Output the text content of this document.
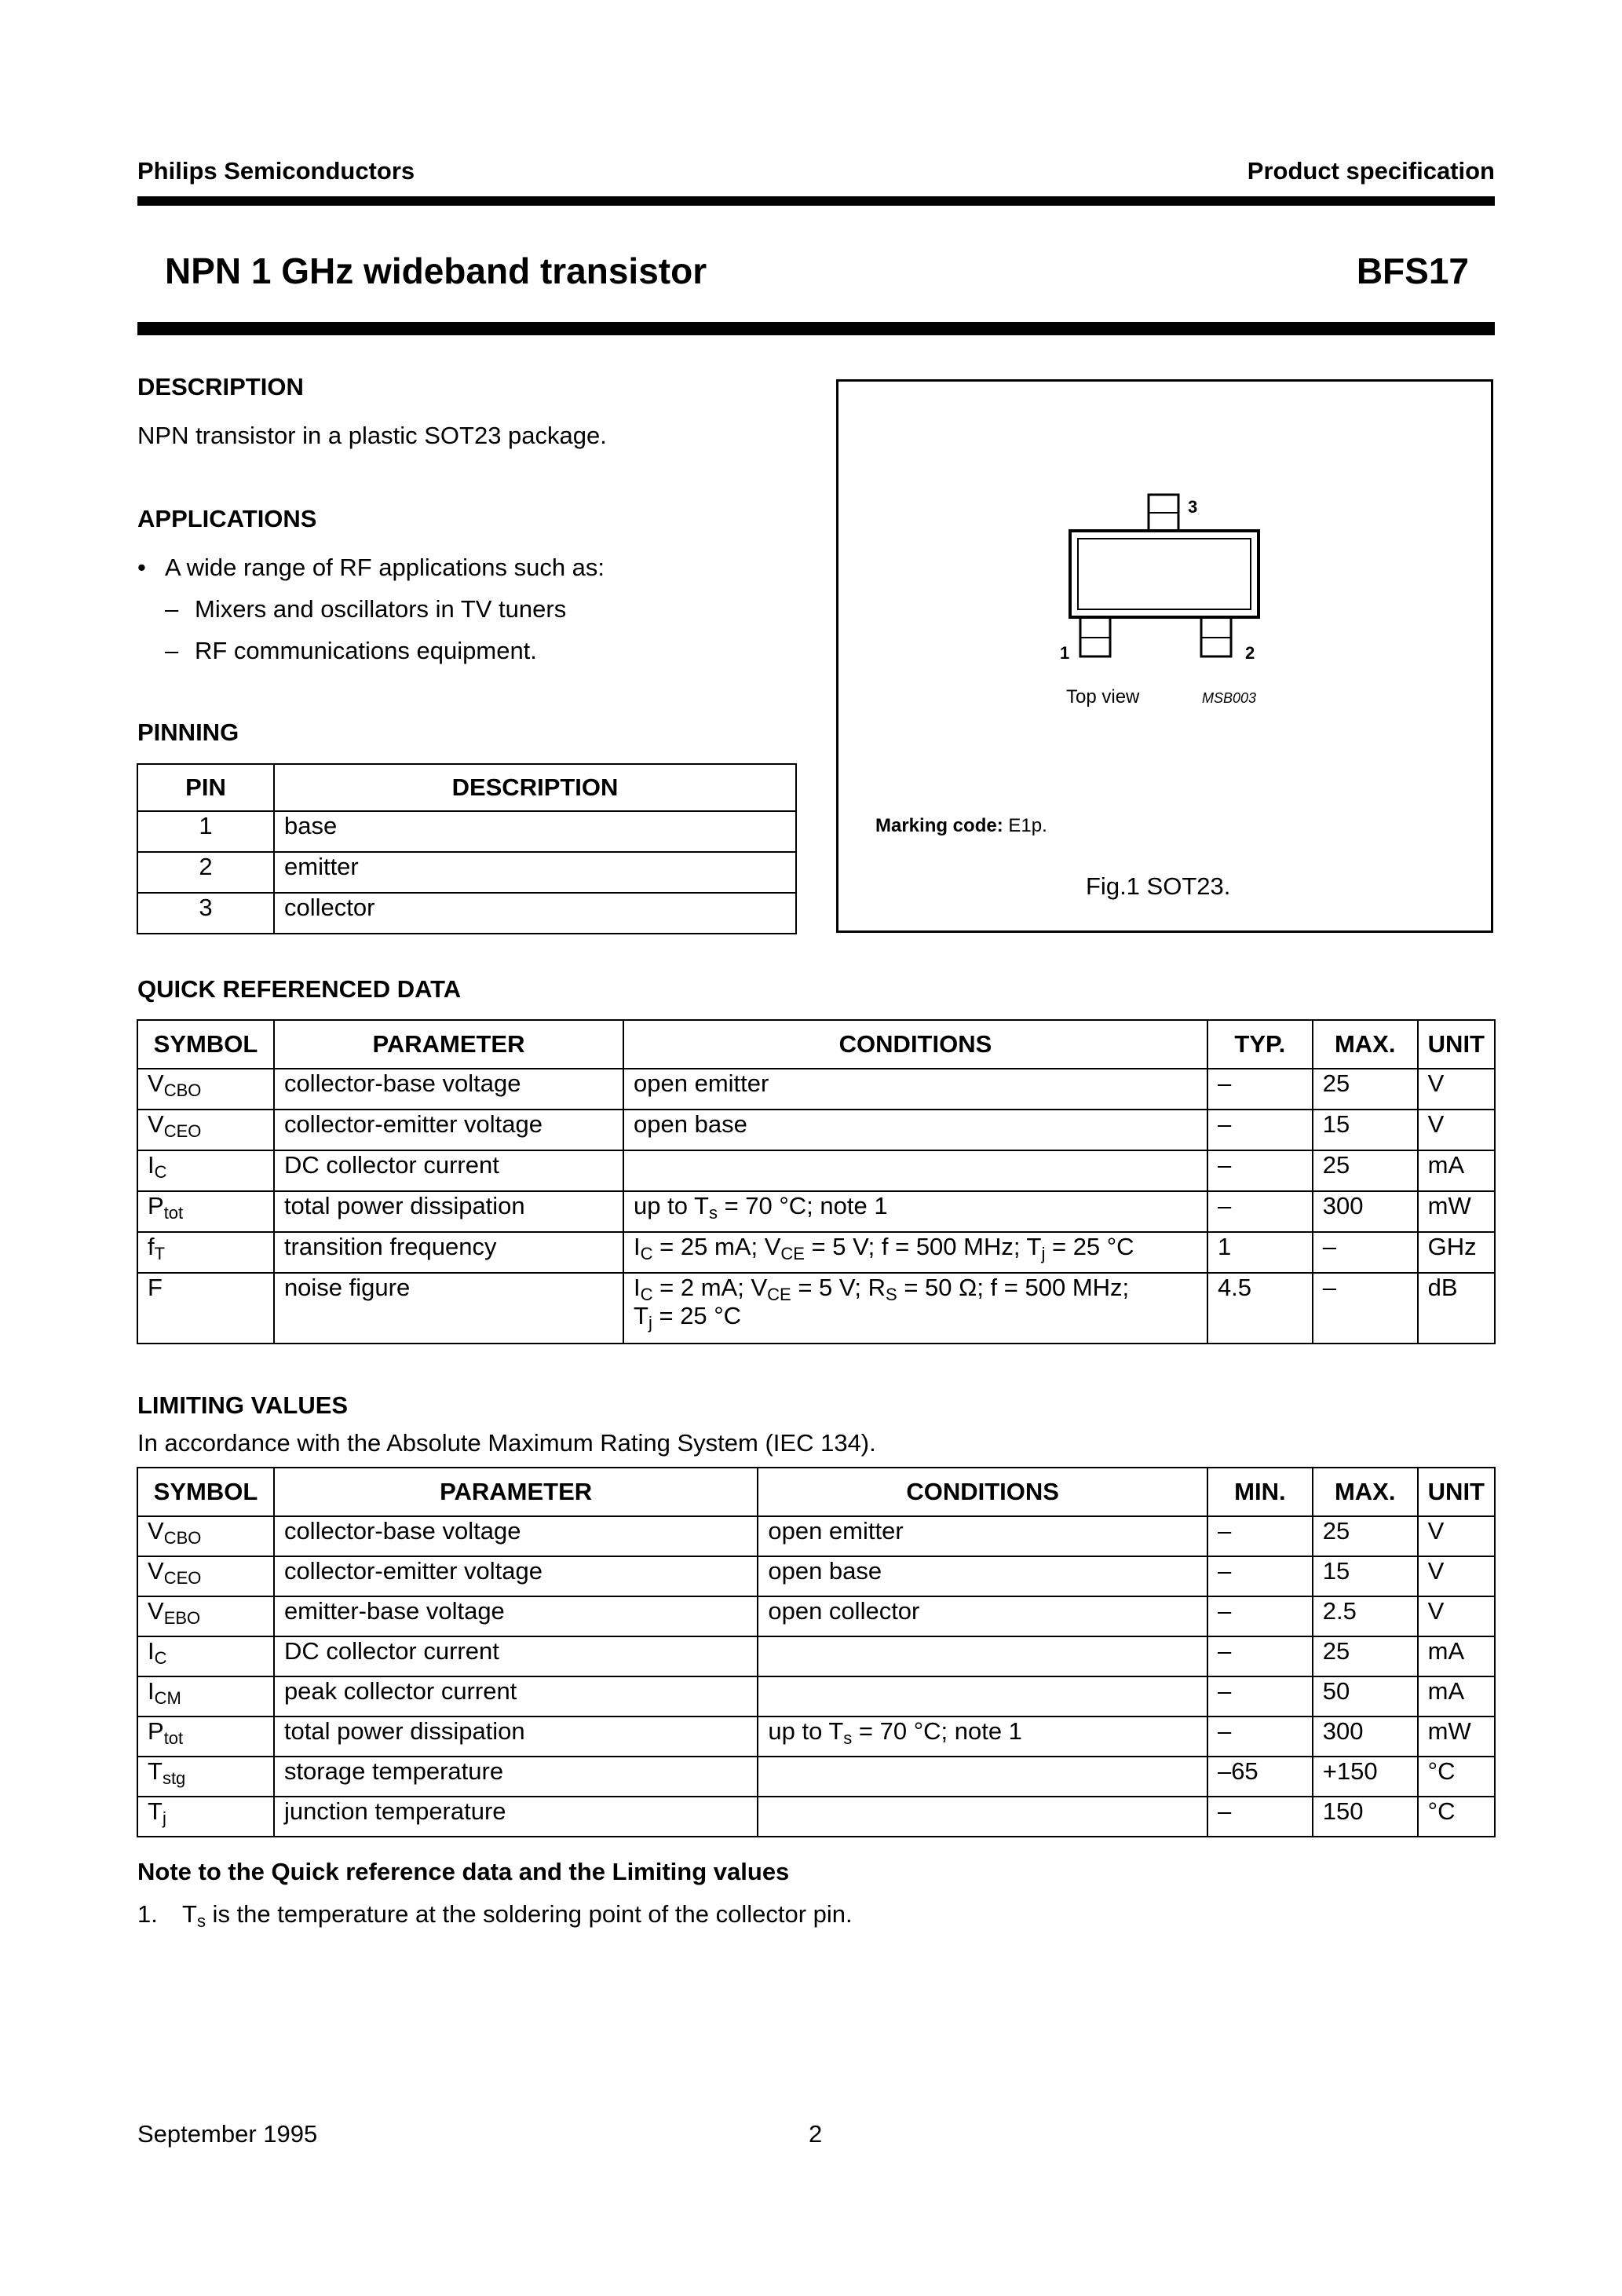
Philips Semiconductors	Product specification
NPN 1 GHz wideband transistor	BFS17
DESCRIPTION
NPN transistor in a plastic SOT23 package.
APPLICATIONS
• A wide range of RF applications such as:
– Mixers and oscillators in TV tuners
– RF communications equipment.
PINNING
PIN	DESCRIPTION
1	base
2	emitter
3	collector
3
1	2
Top view	MSB003
Marking code: E1p.
Fig.1 SOT23.
QUICK REFERENCED DATA
SYMBOL	PARAMETER	CONDITIONS	TYP.	MAX.	UNIT
$V_{CBO}$	collector-base voltage	open emitter	–	25	V
$V_{CEO}$	collector-emitter voltage	open base	–	15	V
$I_C$	DC collector current		–	25	mA
$P_{tot}$	total power dissipation	up to $T_s = 70$ °C; note 1	–	300	mW
$f_T$	transition frequency	$I_C = 25$ mA; $V_{CE} = 5$ V; f = 500 MHz; $T_j = 25$ °C	1	–	GHz
F	noise figure	$I_C = 2$ mA; $V_{CE} = 5$ V; $R_S = 50$ Ω; f = 500 MHz;
$T_j = 25$ °C	4.5	–	dB
LIMITING VALUES
In accordance with the Absolute Maximum Rating System (IEC 134).
SYMBOL	PARAMETER	CONDITIONS	MIN.	MAX.	UNIT
$V_{CBO}$	collector-base voltage	open emitter	–	25	V
$V_{CEO}$	collector-emitter voltage	open base	–	15	V
$V_{EBO}$	emitter-base voltage	open collector	–	2.5	V
$I_C$	DC collector current		–	25	mA
$I_{CM}$	peak collector current		–	50	mA
$P_{tot}$	total power dissipation	up to $T_s = 70$ °C; note 1	–	300	mW
$T_{stg}$	storage temperature		–65	+150	°C
$T_j$	junction temperature		–	150	°C
Note to the Quick reference data and the Limiting values
1. $T_s$ is the temperature at the soldering point of the collector pin.
September 1995	2
